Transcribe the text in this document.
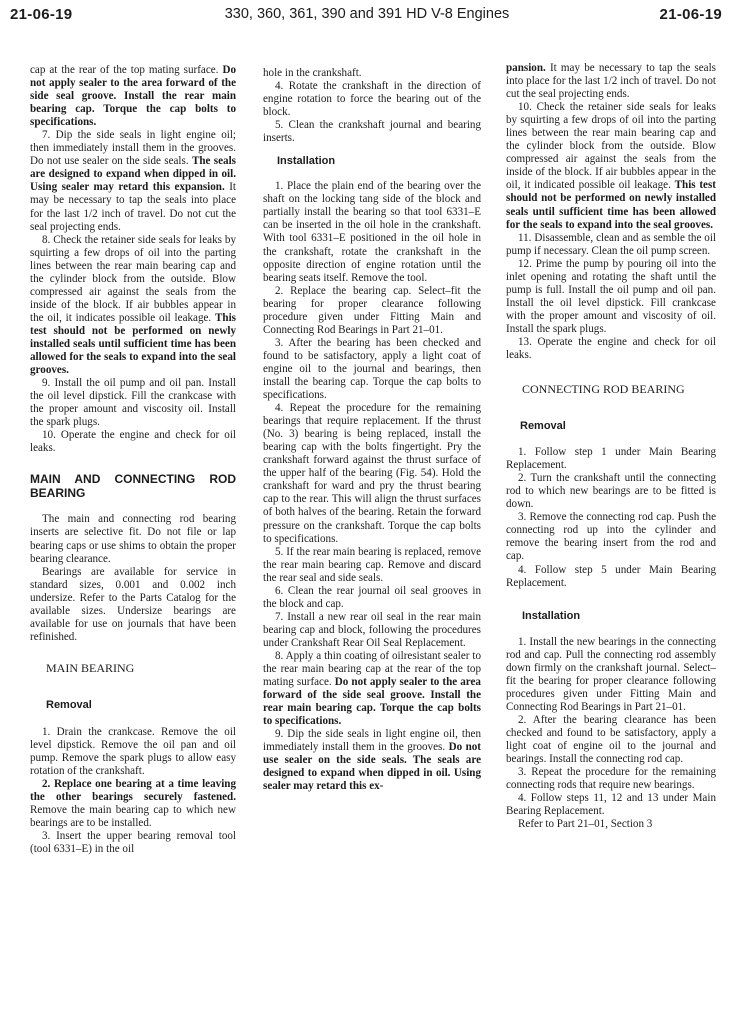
21-06-19	330, 360, 361, 390 and 391 HD V-8 Engines	21-06-19

cap at the rear of the top mating surface. Do not apply sealer to the area forward of the side seal groove. Install the rear main bearing cap. Torque the cap bolts to specifications.

7. Dip the side seals in light engine oil; then immediately install them in the grooves. Do not use sealer on the side seals. The seals are designed to expand when dipped in oil. Using sealer may retard this expansion. It may be necessary to tap the seals into place for the last 1/2 inch of travel. Do not cut the seal projecting ends.

8. Check the retainer side seals for leaks by squirting a few drops of oil into the parting lines between the rear main bearing cap and the cylinder block from the outside. Blow compressed air against the seals from the inside of the block. If air bubbles appear in the oil, it indicates possible oil leakage. This test should not be performed on newly installed seals until sufficient time has been allowed for the seals to expand into the seal grooves.

9. Install the oil pump and oil pan. Install the oil level dipstick. Fill the crankcase with the proper amount and viscosity oil. Install the spark plugs.

10. Operate the engine and check for oil leaks.

MAIN AND CONNECTING ROD BEARING

The main and connecting rod bearing inserts are selective fit. Do not file or lap bearing caps or use shims to obtain the proper bearing clearance.

Bearings are available for service in standard sizes, 0.001 and 0.002 inch undersize. Refer to the Parts Catalog for the available sizes. Undersize bearings are available for use on journals that have been refinished.

MAIN BEARING
Removal

1. Drain the crankcase. Remove the oil level dipstick. Remove the oil pan and oil pump. Remove the spark plugs to allow easy rotation of the crankshaft.

2. Replace one bearing at a time leaving the other bearings securely fastened. Remove the main bearing cap to which new bearings are to be installed.

3. Insert the upper bearing removal tool (tool 6331–E) in the oil

hole in the crankshaft.

4. Rotate the crankshaft in the direction of engine rotation to force the bearing out of the block.

5. Clean the crankshaft journal and bearing inserts.

Installation

1. Place the plain end of the bearing over the shaft on the locking tang side of the block and partially install the bearing so that tool 6331–E can be inserted in the oil hole in the crankshaft. With tool 6331–E positioned in the oil hole in the crankshaft, rotate the crankshaft in the opposite direction of engine rotation until the bearing seats itself. Remove the tool.

2. Replace the bearing cap. Select–fit the bearing for proper clearance following procedure given under Fitting Main and Connecting Rod Bearings in Part 21–01.

3. After the bearing has been checked and found to be satisfactory, apply a light coat of engine oil to the journal and bearings, then install the bearing cap. Torque the cap bolts to specifications.

4. Repeat the procedure for the remaining bearings that require replacement. If the thrust (No. 3) bearing is being replaced, install the bearing cap with the bolts fingertight. Pry the crankshaft forward against the thrust surface of the upper half of the bearing (Fig. 54). Hold the crankshaft for ward and pry the thrust bearing cap to the rear. This will align the thrust surfaces of both halves of the bearing. Retain the forward pressure on the crankshaft. Torque the cap bolts to specifications.

5. If the rear main bearing is replaced, remove the rear main bearing cap. Remove and discard the rear seal and side seals.

6. Clean the rear journal oil seal grooves in the block and cap.

7. Install a new rear oil seal in the rear main bearing cap and block, following the procedures under Crankshaft Rear Oil Seal Replacement.

8. Apply a thin coating of oilresistant sealer to the rear main bearing cap at the rear of the top mating surface. Do not apply sealer to the area forward of the side seal groove. Install the rear main bearing cap. Torque the cap bolts to specifications.

9. Dip the side seals in light engine oil, then immediately install them in the grooves. Do not use sealer on the side seals. The seals are designed to expand when dipped in oil. Using sealer may retard this ex-

pansion. It may be necessary to tap the seals into place for the last 1/2 inch of travel. Do not cut the seal projecting ends.

10. Check the retainer side seals for leaks by squirting a few drops of oil into the parting lines between the rear main bearing cap and the cylinder block from the outside. Blow compressed air against the seals from the inside of the block. If air bubbles appear in the oil, it indicated possible oil leakage. This test should not be performed on newly installed seals until sufficient time has been allowed for the seals to expand into the seal grooves.

11. Disassemble, clean and as semble the oil pump if necessary. Clean the oil pump screen.

12. Prime the pump by pouring oil into the inlet opening and rotating the shaft until the pump is full. Install the oil pump and oil pan. Install the oil level dipstick. Fill crankcase with the proper amount and viscosity of oil. Install the spark plugs.

13. Operate the engine and check for oil leaks.

CONNECTING ROD BEARING
Removal

1. Follow step 1 under Main Bearing Replacement.

2. Turn the crankshaft until the connecting rod to which new bearings are to be fitted is down.

3. Remove the connecting rod cap. Push the connecting rod up into the cylinder and remove the bearing insert from the rod and cap.

4. Follow step 5 under Main Bearing Replacement.

Installation

1. Install the new bearings in the connecting rod and cap. Pull the connecting rod assembly down firmly on the crankshaft journal. Select–fit the bearing for proper clearance following procedures given under Fitting Main and Connecting Rod Bearings in Part 21–01.

2. After the bearing clearance has been checked and found to be satisfactory, apply a light coat of engine oil to the journal and bearings. Install the connecting rod cap.

3. Repeat the procedure for the remaining connecting rods that require new bearings.

4. Follow steps 11, 12 and 13 under Main Bearing Replacement.

Refer to Part 21–01, Section 3
